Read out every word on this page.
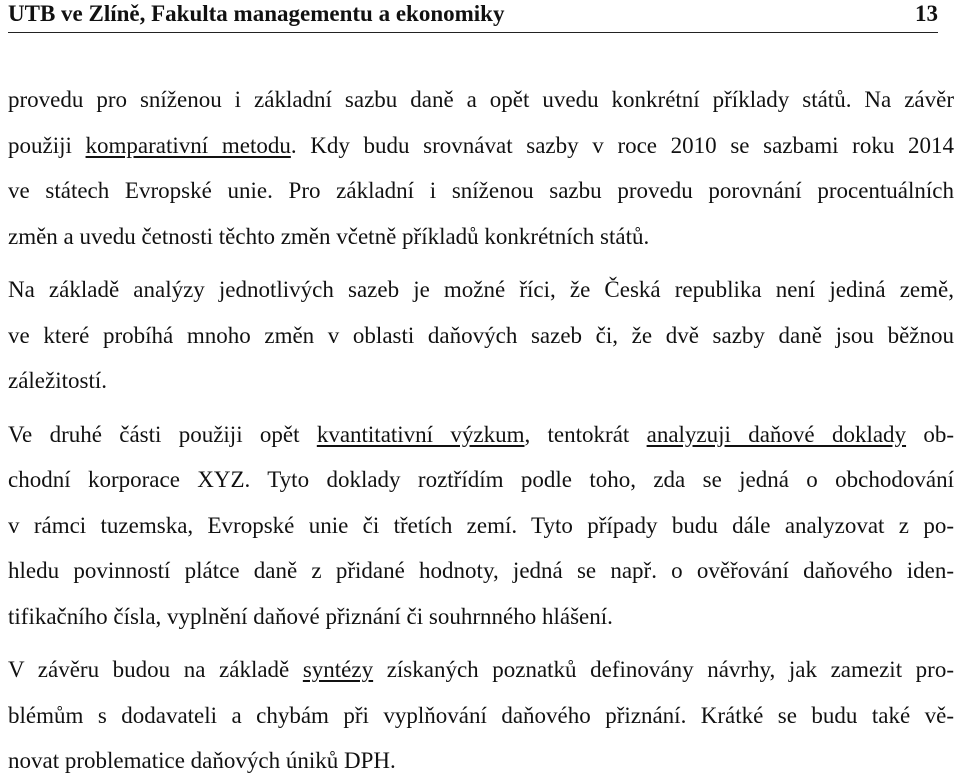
UTB ve Zlíně, Fakulta managementu a ekonomiky	13
provedu pro sníženou i základní sazbu daně a opět uvedu konkrétní příklady států. Na závěr
použiji komparativní metodu. Kdy budu srovnávat sazby v roce 2010 se sazbami roku 2014
ve státech Evropské unie. Pro základní i sníženou sazbu provedu porovnání procentuálních
změn a uvedu četnosti těchto změn včetně příkladů konkrétních států.
Na základě analýzy jednotlivých sazeb je možné říci, že Česká republika není jediná země,
ve které probíhá mnoho změn v oblasti daňových sazeb či, že dvě sazby daně jsou běžnou
záležitostí.
Ve druhé části použiji opět kvantitativní výzkum, tentokrát analyzuji daňové doklady ob-
chodní korporace XYZ. Tyto doklady roztřídím podle toho, zda se jedná o obchodování
v rámci tuzemska, Evropské unie či třetích zemí. Tyto případy budu dále analyzovat z po-
hledu povinností plátce daně z přidané hodnoty, jedná se např. o ověřování daňového iden-
tifikačního čísla, vyplnění daňové přiznání či souhrnného hlášení.
V závěru budou na základě syntézy získaných poznatků definovány návrhy, jak zamezit pro-
blémům s dodavateli a chybám při vyplňování daňového přiznání. Krátké se budu také vě-
novat problematice daňových úniků DPH.
